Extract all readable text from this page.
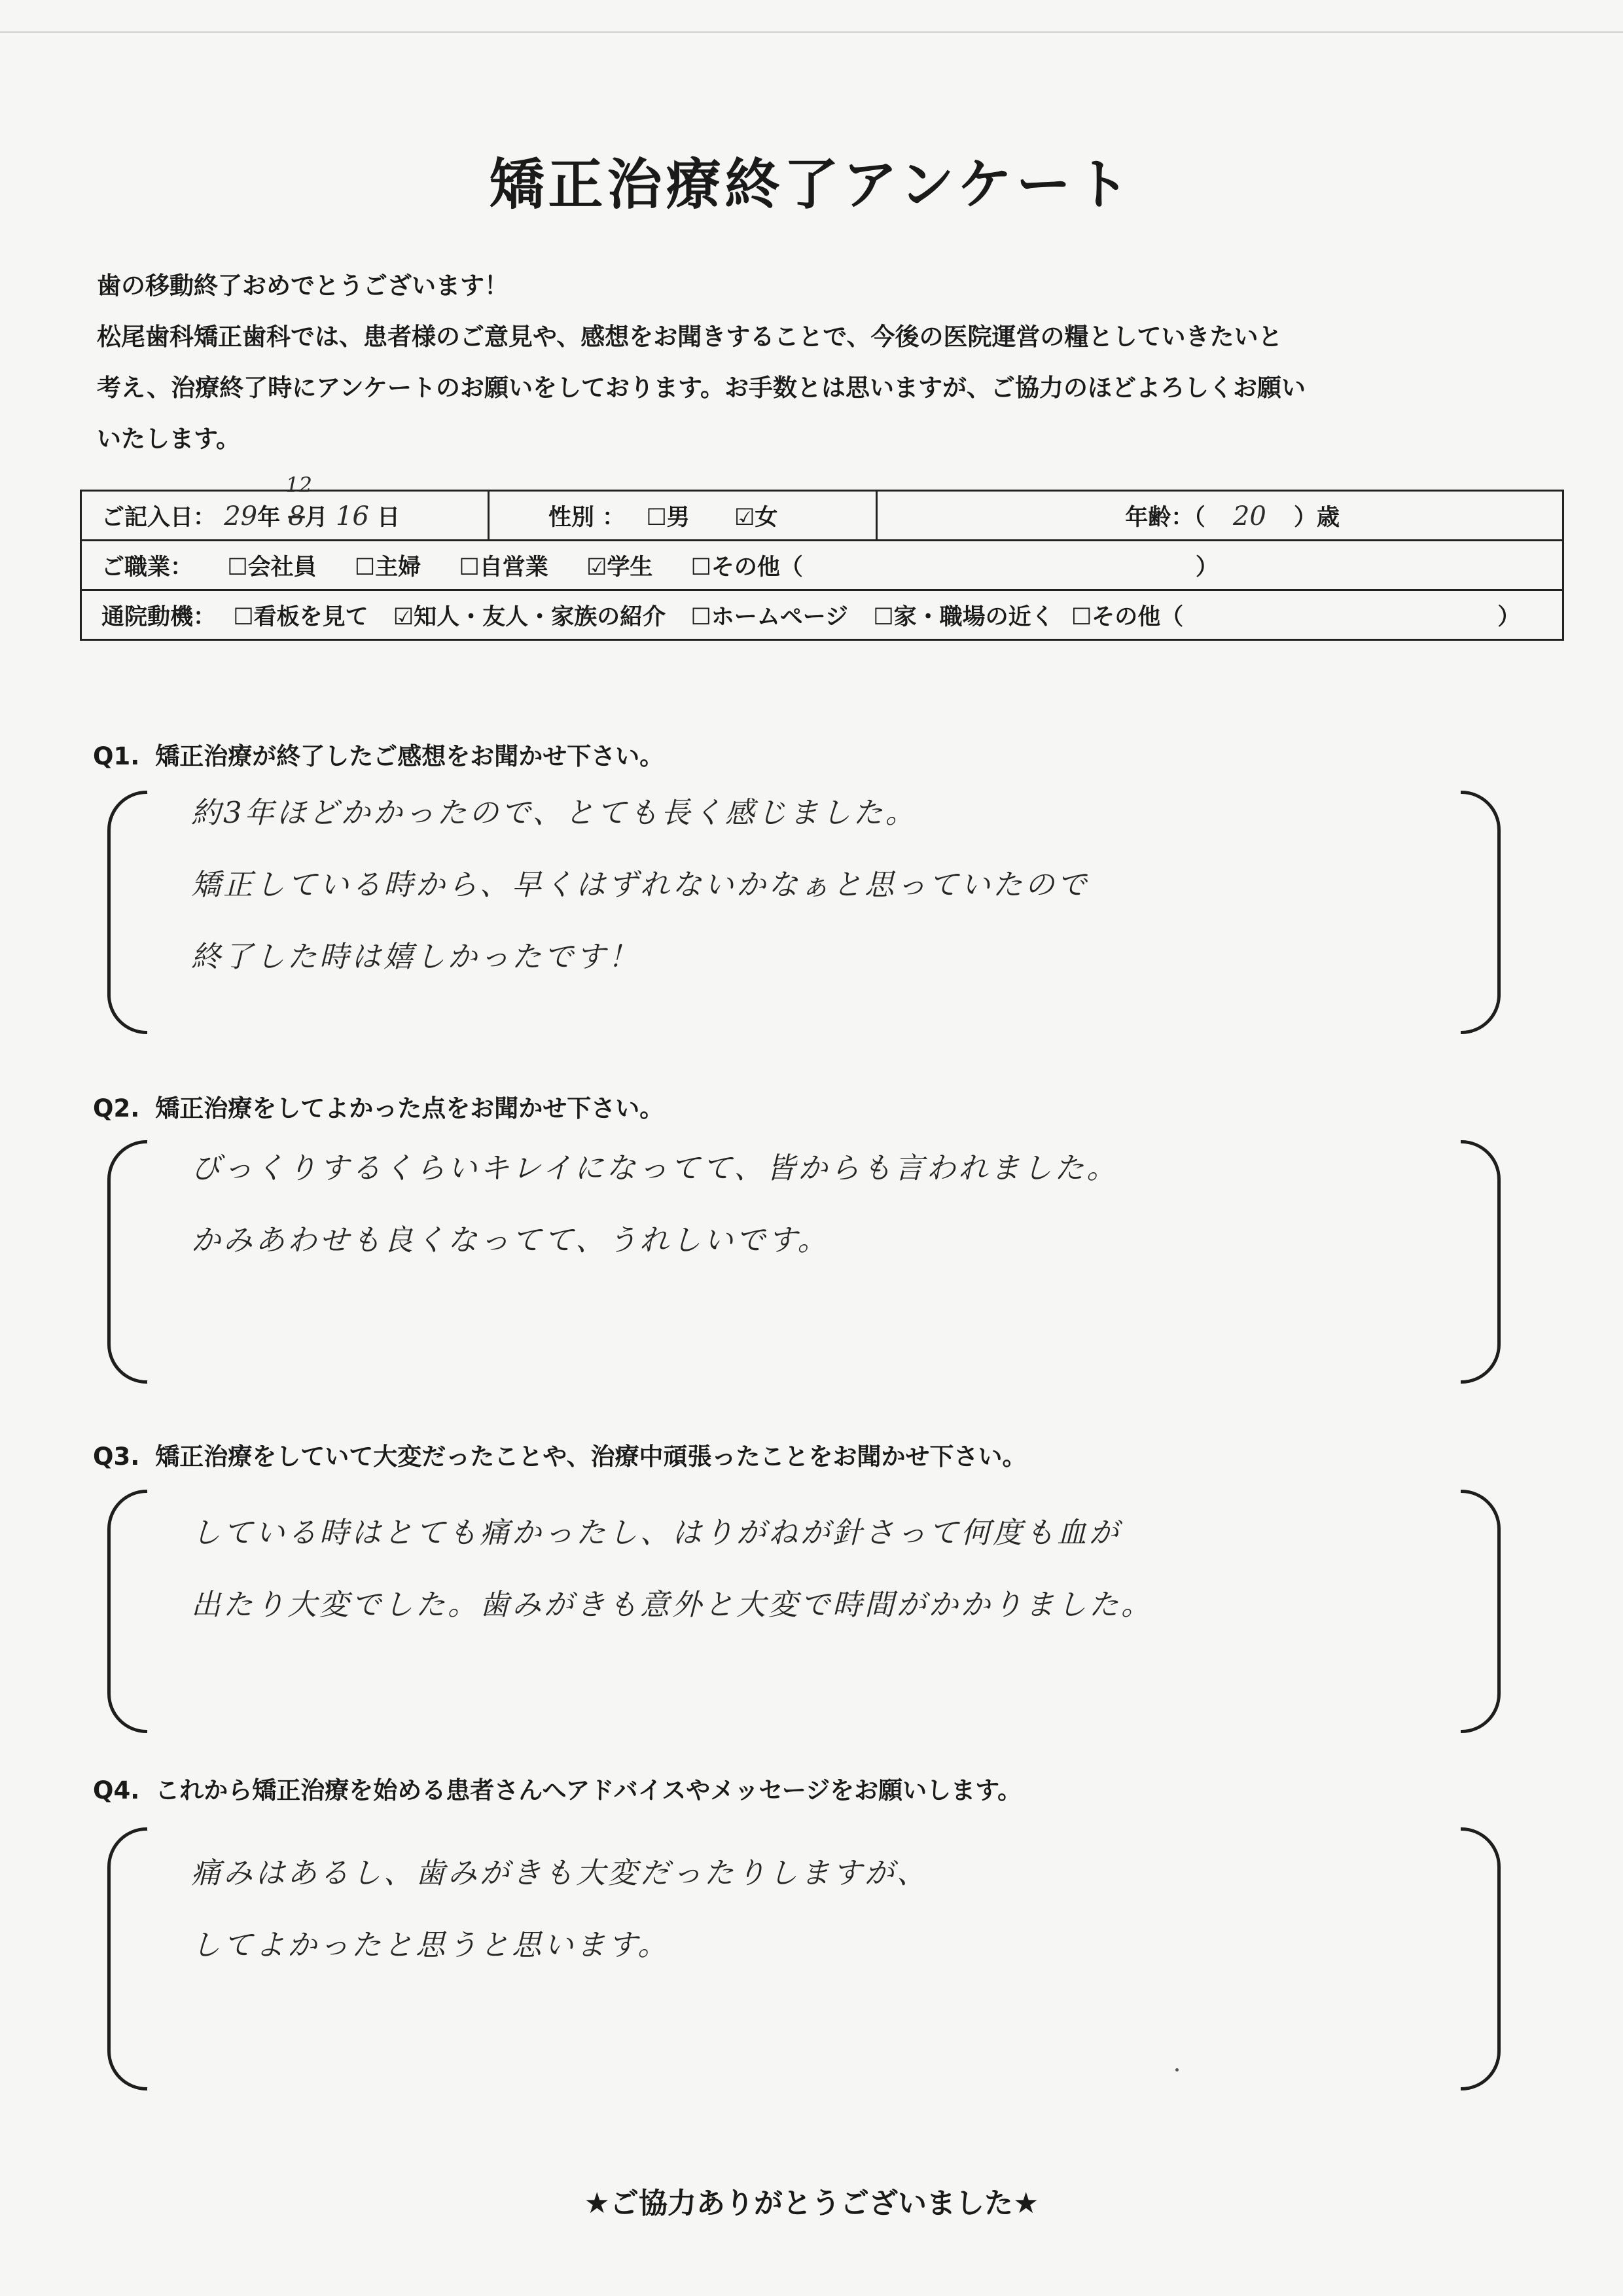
矯正治療終了アンケート

歯の移動終了おめでとうございます！

松尾歯科矯正歯科では、患者様のご意見や、感想をお聞きすることで、今後の医院運営の糧としていきたいと

考え、治療終了時にアンケートのお願いをしております。お手数とは思いますが、ご協力のほどよろしくお願い

いたします。

ご記入日： 29年 8
12
月 16 日	性別 ： ☐男 ☑女	年齢：（ 20 ）歳
ご職業： ☐会社員 ☐主婦 ☐自営業 ☑学生 ☐その他（	）
通院動機： ☐看板を見て ☑知人・友人・家族の紹介 ☐ホームページ ☐家・職場の近く ☐その他（	）

Q1. 矯正治療が終了したご感想をお聞かせ下さい。

約3年ほどかかったので、とても長く感じました。

矯正している時から、早くはずれないかなぁと思っていたので

終了した時は嬉しかったです！

Q2. 矯正治療をしてよかった点をお聞かせ下さい。

びっくりするくらいキレイになってて、皆からも言われました。

かみあわせも良くなってて、うれしいです。

Q3. 矯正治療をしていて大変だったことや、治療中頑張ったことをお聞かせ下さい。

している時はとても痛かったし、はりがねが針さって何度も血が

出たり大変でした。歯みがきも意外と大変で時間がかかりました。

Q4. これから矯正治療を始める患者さんへアドバイスやメッセージをお願いします。

痛みはあるし、歯みがきも大変だったりしますが、

してよかったと思うと思います。

★ご協力ありがとうございました★
